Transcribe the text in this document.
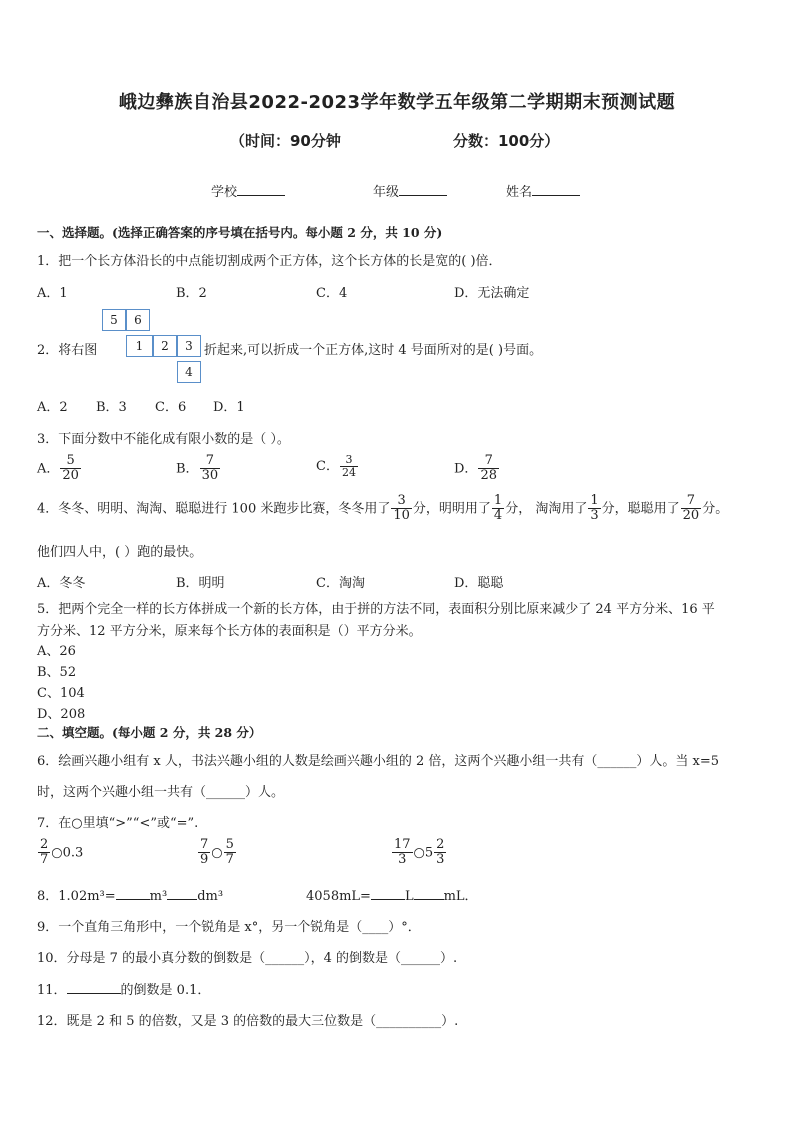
峨边彝族自治县2022-2023学年数学五年级第二学期期末预测试题
（时间：90分钟	分数：100分）
学校	年级	姓名
一、选择题。(选择正确答案的序号填在括号内。每小题 2 分，共 10 分)
1．把一个长方体沿长的中点能切割成两个正方体，这个长方体的长是宽的( )倍．
A．1	B．2	C．4	D．无法确定
2．将右图
5	6
1	2	3
4
折起来,可以折成一个正方体,这时 4 号面所对的是( )号面。
A．2 B．3 C．6 D．1
3．下面分数中不能化成有限小数的是（ ）。
A． $\frac{5}{20}$	B． $\frac{7}{30}$	C． $\frac{3}{24}$	D． $\frac{7}{28}$
4．冬冬、明明、淘淘、聪聪进行 100 米跑步比赛，冬冬用了 $\frac{3}{10}$ 分，明明用了 $\frac{1}{4}$ 分， 淘淘用了 $\frac{1}{3}$ 分，聪聪用了 $\frac{7}{20}$ 分。
他们四人中，( ）跑的最快。
A．冬冬	B．明明	C．淘淘	D．聪聪
5．把两个完全一样的长方体拼成一个新的长方体，由于拼的方法不同，表面积分别比原来减少了 24 平方分米、16 平
方分米、12 平方分米，原来每个长方体的表面积是（）平方分米。
A、26
B、52
C、104
D、208
二、填空题。(每小题 2 分，共 28 分）
6．绘画兴趣小组有 x 人，书法兴趣小组的人数是绘画兴趣小组的 2 倍，这两个兴趣小组一共有（______）人。当 x=5
时，这两个兴趣小组一共有（______）人。
7．在○里填“>”“<”或“=”.
$\frac{2}{7}$ ○0.3	$\frac{7}{9}$ ○ $\frac{5}{7}$	$\frac{17}{3}$ ○5 $\frac{2}{3}$
8．1.02m³=	m³ dm³	4058mL=	L mL．
9．一个直角三角形中，一个锐角是 x°，另一个锐角是（____）°．
10．分母是 7 的最小真分数的倒数是（______），4 的倒数是（______）.
11．	的倒数是 0.1．
12．既是 2 和 5 的倍数，又是 3 的倍数的最大三位数是（__________）.
